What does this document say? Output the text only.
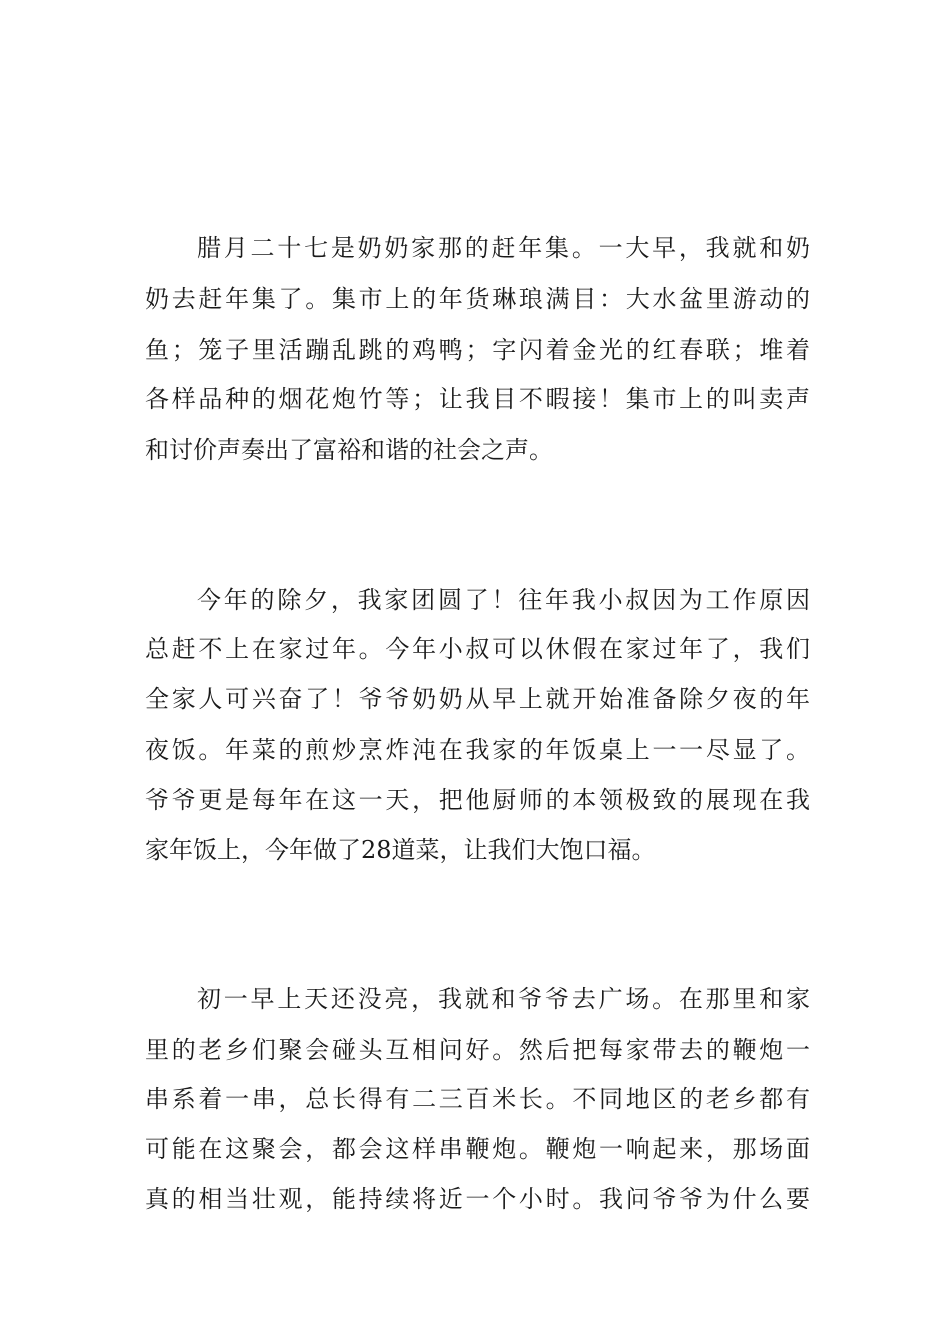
腊月二十七是奶奶家那的赶年集。一大早，我就和奶
奶去赶年集了。集市上的年货琳琅满目：大水盆里游动的
鱼；笼子里活蹦乱跳的鸡鸭；字闪着金光的红春联；堆着
各样品种的烟花炮竹等；让我目不暇接！集市上的叫卖声
和讨价声奏出了富裕和谐的社会之声。
今年的除夕，我家团圆了！往年我小叔因为工作原因
总赶不上在家过年。今年小叔可以休假在家过年了，我们
全家人可兴奋了！爷爷奶奶从早上就开始准备除夕夜的年
夜饭。年菜的煎炒烹炸沌在我家的年饭桌上一一尽显了。
爷爷更是每年在这一天，把他厨师的本领极致的展现在我
家年饭上，今年做了28道菜，让我们大饱口福。
初一早上天还没亮，我就和爷爷去广场。在那里和家
里的老乡们聚会碰头互相问好。然后把每家带去的鞭炮一
串系着一串，总长得有二三百米长。不同地区的老乡都有
可能在这聚会，都会这样串鞭炮。鞭炮一响起来，那场面
真的相当壮观，能持续将近一个小时。我问爷爷为什么要
